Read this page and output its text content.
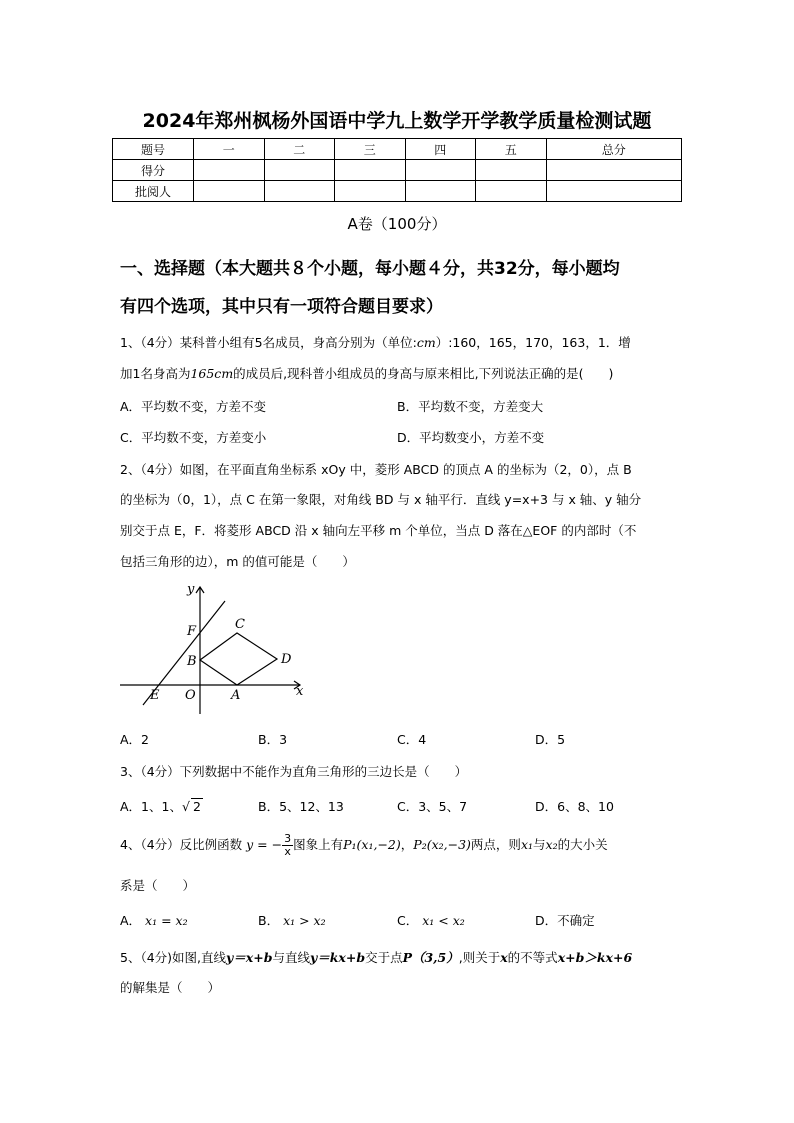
2024年郑州枫杨外国语中学九上数学开学教学质量检测试题
题号	一	二	三	四	五	总分
得分						
批阅人						
A卷（100分）
一、选择题（本大题共８个小题，每小题４分，共32分，每小题均
有四个选项，其中只有一项符合题目要求）
1、（4分）某科普小组有5名成员，身高分别为（单位:cm）:160，165，170，163，1．增
加1名身高为165cm的成员后,现科普小组成员的身高与原来相比,下列说法正确的是(　　)
A．平均数不变，方差不变	B．平均数不变，方差变大
C．平均数不变，方差变小	D．平均数变小，方差不变
2、（4分）如图，在平面直角坐标系 xOy 中，菱形 ABCD 的顶点 A 的坐标为（2，0），点 B
的坐标为（0，1），点 C 在第一象限，对角线 BD 与 x 轴平行．直线 y=x+3 与 x 轴、y 轴分
别交于点 E，F．将菱形 ABCD 沿 x 轴向左平移 m 个单位，当点 D 落在△EOF 的内部时（不
包括三角形的边），m 的值可能是（　　）
y
F	C
B	D
E O	A	x
A．2	B．3	C．4	D．5
3、（4分）下列数据中不能作为直角三角形的三边长是（　　）
A．1、1、√ 2	B．5、12、13	C．3、5、7	D．6、8、10
4、（4分）反比例函数 y = − $\frac{3}{x}$ 图象上有P₁(x₁,−2)，P₂(x₂,−3)两点，则x₁与x₂的大小关
系是（　　）
A． x₁ = x₂	B． x₁ > x₂	C． x₁ < x₂	D．不确定
5、（4分)如图,直线y＝x+b与直线y＝kx+b交于点P（3,5）,则关于x的不等式x+b＞kx+6
的解集是（　　）
